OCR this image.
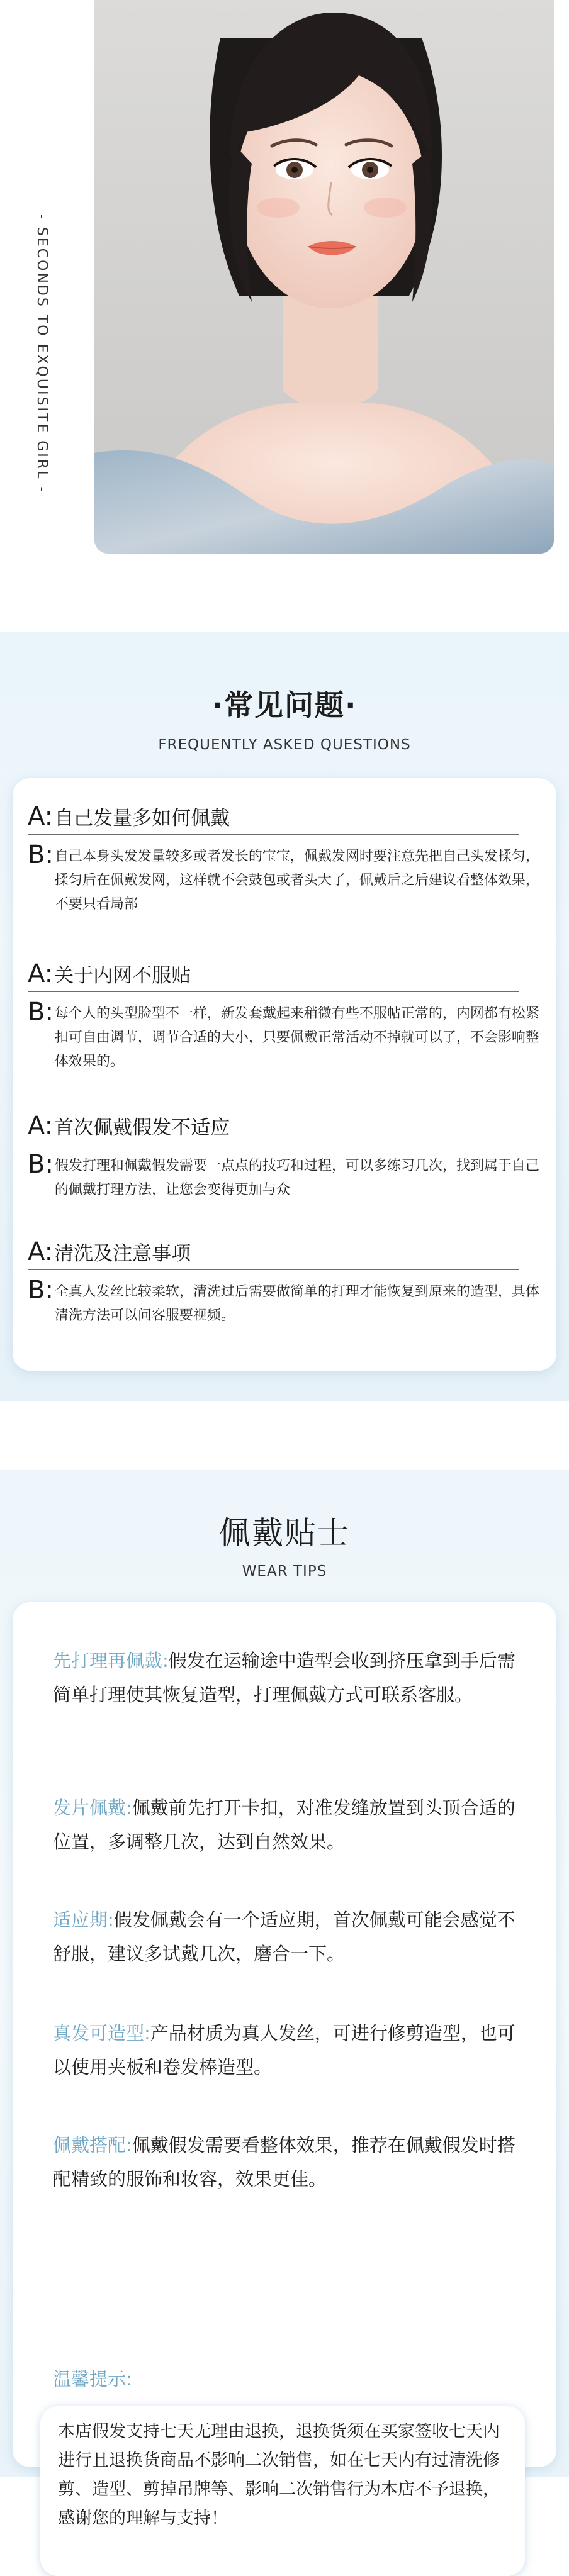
- SECONDS TO EXQUISITE GIRL -
·常见问题·
FREQUENTLY ASKED QUESTIONS
A: 自己发量多如何佩戴
B: 自己本身头发发量较多或者发长的宝宝，佩戴发网时要注意先把自己头发揉匀，揉匀后在佩戴发网，这样就不会鼓包或者头大了，佩戴后之后建议看整体效果，不要只看局部
A: 关于内网不服贴
B: 每个人的头型脸型不一样，新发套戴起来稍微有些不服帖正常的，内网都有松紧扣可自由调节，调节合适的大小，只要佩戴正常活动不掉就可以了，不会影响整体效果的。
A: 首次佩戴假发不适应
B: 假发打理和佩戴假发需要一点点的技巧和过程，可以多练习几次，找到属于自己的佩戴打理方法，让您会变得更加与众
A: 清洗及注意事项
B: 全真人发丝比较柔软，清洗过后需要做简单的打理才能恢复到原来的造型，具体清洗方法可以问客服要视频。
佩戴贴士
WEAR TIPS
先打理再佩戴:假发在运输途中造型会收到挤压拿到手后需简单打理使其恢复造型，打理佩戴方式可联系客服。
发片佩戴:佩戴前先打开卡扣，对准发缝放置到头顶合适的位置，多调整几次，达到自然效果。
适应期:假发佩戴会有一个适应期，首次佩戴可能会感觉不舒服，建议多试戴几次，磨合一下。
真发可造型:产品材质为真人发丝，可进行修剪造型，也可以使用夹板和卷发棒造型。
佩戴搭配:佩戴假发需要看整体效果，推荐在佩戴假发时搭配精致的服饰和妆容，效果更佳。
温馨提示:
本店假发支持七天无理由退换，退换货须在买家签收七天内进行且退换货商品不影响二次销售，如在七天内有过清洗修剪、造型、剪掉吊牌等、影响二次销售行为本店不予退换，感谢您的理解与支持！
